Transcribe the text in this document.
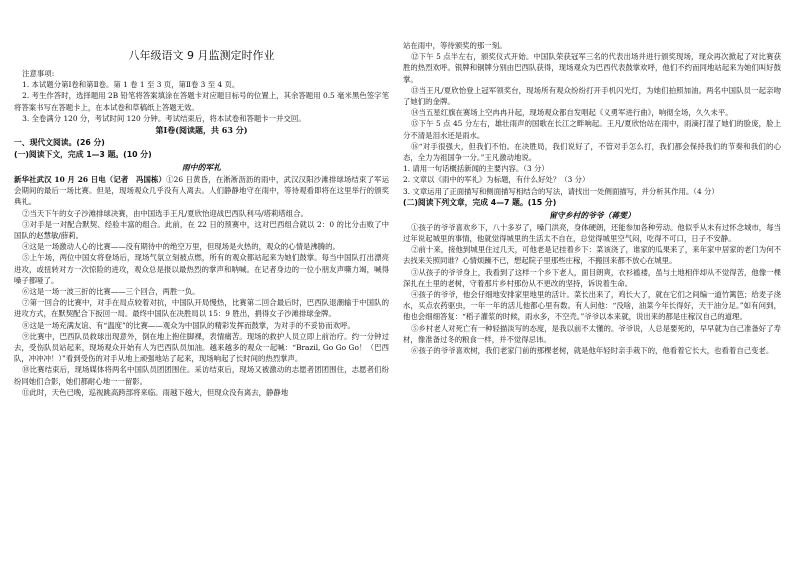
八年级语文 9 月监测定时作业
注意事项:
1. 本试题分第Ⅰ卷和第Ⅱ卷。第 1 卷 1 至 3 页，第Ⅱ卷 3 至 4 页。
2. 考生作答时，选择题用 2B 铅笔将答案填涂在答题卡对应题目标号的位置上，其余答题用 0.5 毫米黑色签字笔将答案书写在答题卡上，在本试卷和草稿纸上答题无效。
3. 全卷满分 120 分，考试时间 120 分钟。考试结束后，将本试卷和答题卡一并交回。
第Ⅰ卷(阅读题，共 63 分)
一、现代文阅读。(26 分)
(一)阅读下文，完成 1—3 题。(10 分)
雨中的军礼
新华社武汉 10 月 26 日电（记者　冯国栋）①26 日黄昏，在淅淅沥沥的雨中，武汉汉阳沙滩排球场结束了军运会期间的最后一场比赛。但是，现场观众几乎没有人离去。人们静静地守在雨中，等待观看即将在这里举行的颁奖典礼。
②当天下午的女子沙滩排球决赛，由中国选手王凡/夏欣怡迎战巴西队利马/塔莉塔组合。
③对手是一对配合默契、经验丰富的组合。此前，在 22 日的预赛中，这对巴西组合就以 2：0 的比分击败了中国队的赵慧敏/薛莉。
④这是一场激动人心的比赛——没有期待中的绝空万里，但现场是火热的，观众的心情是沸腾的。
⑤上午场，两位中国女将登场后，现场气氛立刻被点燃，所有的观众都站起来为她们鼓掌。每当中国队打出漂亮进攻，或扭转对方一次惊险的进攻，观众总是报以最热烈的掌声和呐喊。在记者身边的一位小朋友声嘶力竭，喊得嗓子都哑了。
⑥这是一场一波三折的比赛——三个回合，两胜一负。
⑦第一回合的比赛中，对手在局点较着对抗，中国队开局慢热，比赛第二回合最后时，巴西队退潮输于中国队的进攻方式，在默契配合下扳回一局。最终中国队在决胜局以 15：9 胜出，捐得女子沙滩排球金牌。
⑧这是一场充满友谊、有“温度”的比赛——观众为中国队的精彩发挥而鼓掌，为对手的不妥协而欢呼。
⑨比赛中，巴西队员救球出现意外，倒在地上抱住脚裸，表情痛苦。现场的救护人员立即上前治疗。约一分钟过去，受伤队员站起来，现场观众开始有人为巴西队员加油。越来越多的观众一起喊：“Brazil, Go Go Go！（巴西队，冲冲冲！）”看到受伤的对手从地上顽强地站了起来，现场响起了长时间的热烈掌声。
⑩比赛结束后，现场媒体将两名中国队员团团围住。采访结束后，现场又被激动的志愿者团团围住，志愿者们纷纷同她们合影，她们都耐心地一一留影。
⑪此时，天色已晚，巡视跳高跨部将来临。雨越下越大，但现众没有离去，静静地
站在雨中，等待颁奖的那一刻。
⑫下午 5 点半左右，颁奖仪式开始。中国队荣获冠军三名的代表出场并进行颁奖现场，现众再次掀起了对比赛获胜的热烈欢呼。银牌和铜牌分别由巴西队获得，现场观众为巴西代表鼓掌欢呼，他们不约而同地站起来为她们叫好鼓掌。
⑬当王凡/夏欣怡登上冠军领奖台，现场所有观众纷纷打开手机闪光灯，为她们拍照加油。两名中国队员一起亲吻了她们的金牌。
⑭当五星红旗在赛场上空冉冉升起，现场观众都自发唱起《义勇军进行曲》，响彻全场，久久未平。
⑮下午 5 点 45 分左右，雄壮雨声的国歌在长江之畔响起。王凡/夏欣怡站在雨中，雨滴打湿了她们的脸庞，脸上分不清是泪水还是雨水。
⑯“对手很强大，但我们不怕。在决胜局，我们说好了，不管对手怎么打，我们都会保持我们的节奏和我们的心态，全力为祖国争一分。”王凡激动地说。
1. 请用一句话概括新闻的主要内容。（3 分）
2. 文章以《雨中的军礼》为标题，有什么好处？（3 分）
3. 文章运用了正面描写和侧面描写相结合的写法，请找出一处侧面描写，并分析其作用。（4 分）
(二)阅读下列文章，完成 4—7 题。(15 分)
留守乡村的爷爷（蒋雯）
①孩子的爷爷喜欢乡下，八十多岁了，嗓门洪亮，身体硬朗，还能参加各种劳动。他似乎从未有过怀念城市，每当过年说起城里的事情，他就觉得城里的生活太不自在，总觉得城里空气闷，吃得不可口，日子不安静。
②前十来，接他到城里住过几天，可他老是记挂着乡下：菜该浇了，谁家的瓜果来了，来年家中居家的老门为何不去找来关照同谁？心情烦躁不已，想起院子里那些庄稼，不搬回来都不放心在城里。
③从孩子的爷爷身上，我看到了这样一个乡下老人，面目朗爽，衣衫褴褛，虽与土地相伴却从不觉得苦，他像一棵深扎在土里的老树，守着那片乡村那份从不更改的坚持，诉说着生命。
④孩子的爷爷，他会仔细地安排家里地里的活计。菜长出来了，鸡长大了，就在它们之间编一道竹篱笆；给麦子浇水，买点农药驱虫，一年一年的活儿他都心里有数。有人问他：“没啥，油菜今年长得好，天干油分足。”如有问到，他也会细细答复：“稻子灌浆的时候，雨水多，不空壳。”爷爷以本来就，说出来的都是庄稼汉自己的道理。
⑤乡村老人对死亡有一种轻描淡写的态度，是我以前不太懂的。爷爷说，人总是要死的，早早就为自己准备好了寿材，像准备过冬的粮食一样，并不觉得忌讳。
⑥孩子的爷爷喜欢树，我们老家门前的那棵老树，就是他年轻时亲手栽下的，他看着它长大，也看着自己变老。
